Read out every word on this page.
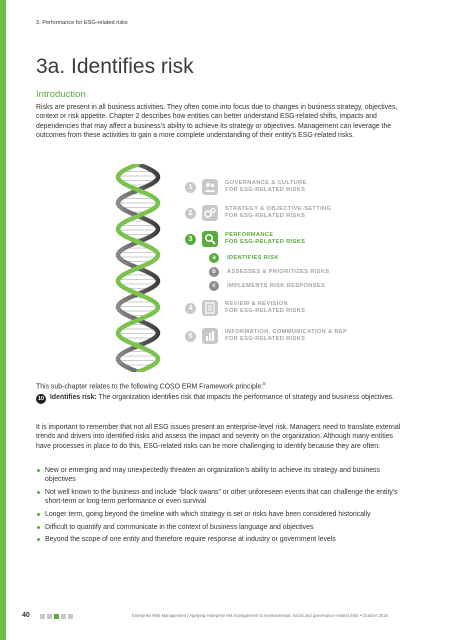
3. Performance for ESG-related risks
3a. Identifies risk
Introduction

Risks are present in all business activities. They often come into focus due to changes in business strategy, objectives, context or risk appetite. Chapter 2 describes how entities can better understand ESG-related shifts, impacts and dependencies that may affect a business's ability to achieve its strategy or objectives. Management can leverage the outcomes from these activities to gain a more complete understanding of their entity's ESG-related risks.

1
GOVERNANCE & CULTURE
FOR ESG-RELATED RISKS
2
STRATEGY & OBJECTIVE-SETTING
FOR ESG-RELATED RISKS
3
PERFORMANCE
FOR ESG-RELATED RISKS
a	IDENTIFIES RISK
b	ASSESSES & PRIORITIZES RISKS
c	IMPLEMENTS RISK RESPONSES
4
REVIEW & REVISION
FOR ESG-RELATED RISKS
5
INFORMATION, COMMUNICATION & REP
FOR ESG-RELATED RISKS
This sub-chapter relates to the following COSO ERM Framework principle:$^5$
10 Identifies risk: The organization identifies risk that impacts the performance of strategy and business objectives.

It is important to remember that not all ESG issues present an enterprise-level risk. Managers need to translate external trends and drivers into identified risks and assess the impact and severity on the organization. Although many entities have processes in place to do this, ESG-related risks can be more challenging to identify because they are often:

New or emerging and may unexpectedly threaten an organization's ability to achieve its strategy and business objectives
Not well known to the business and include “black swans” or other unforeseen events that can challenge the entity's short-term or long-term performance or even survival
Longer term, going beyond the timeline with which strategy is set or risks have been considered historically
Difficult to quantify and communicate in the context of business language and objectives
Beyond the scope of one entity and therefore require response at industry or government levels
40	Enterprise Risk Management | Applying enterprise risk management to environmental, social and governance-related risks • October 2018
